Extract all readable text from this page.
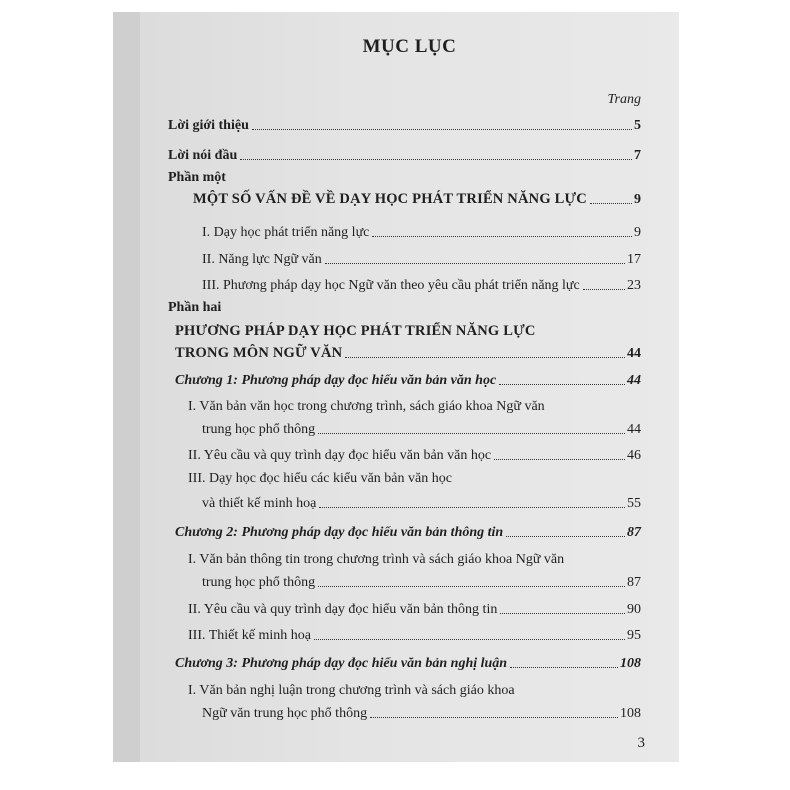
MỤC LỤC
Trang
Lời giới thiệu	5
Lời nói đầu	7
Phần một
MỘT SỐ VẤN ĐỀ VỀ DẠY HỌC PHÁT TRIỂN NĂNG LỰC	9
I. Dạy học phát triển năng lực	9
II. Năng lực Ngữ văn	17
III. Phương pháp dạy học Ngữ văn theo yêu cầu phát triển năng lực	23
Phần hai
PHƯƠNG PHÁP DẠY HỌC PHÁT TRIỂN NĂNG LỰC
TRONG MÔN NGỮ VĂN	44
Chương 1: Phương pháp dạy đọc hiểu văn bản văn học	44
I. Văn bản văn học trong chương trình, sách giáo khoa Ngữ văn
trung học phổ thông	44
II. Yêu cầu và quy trình dạy đọc hiểu văn bản văn học	46
III. Dạy học đọc hiểu các kiểu văn bản văn học
và thiết kế minh hoạ	55
Chương 2: Phương pháp dạy đọc hiểu văn bản thông tin	87
I. Văn bản thông tin trong chương trình và sách giáo khoa Ngữ văn
trung học phổ thông	87
II. Yêu cầu và quy trình dạy đọc hiểu văn bản thông tin	90
III. Thiết kế minh hoạ	95
Chương 3: Phương pháp dạy đọc hiểu văn bản nghị luận	108
I. Văn bản nghị luận trong chương trình và sách giáo khoa
Ngữ văn trung học phổ thông	108
3
